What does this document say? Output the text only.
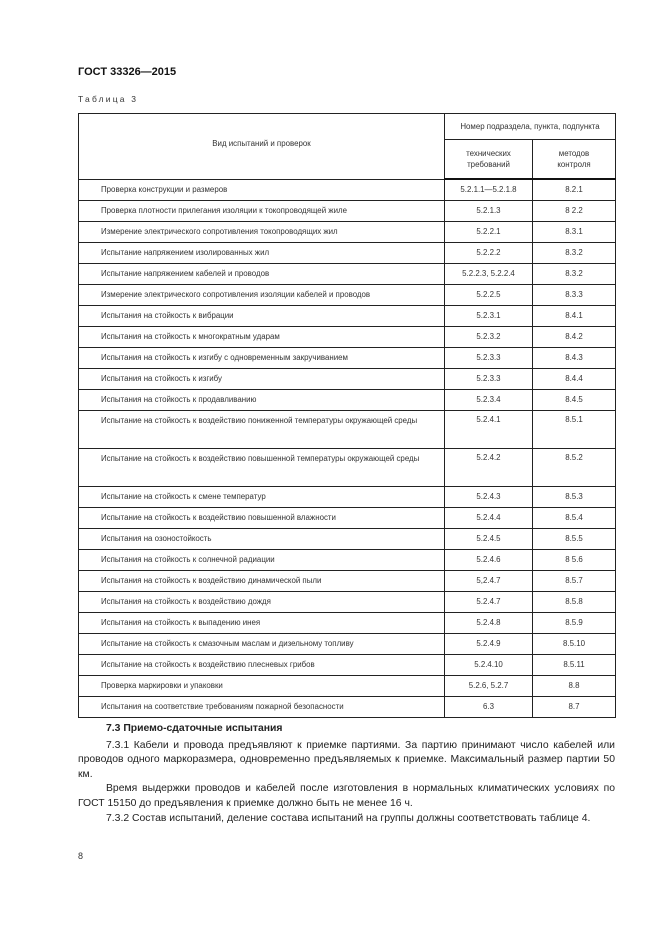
ГОСТ 33326—2015
Таблица 3
Вид испытаний и проверок	Номер подраздела, пункта, подпункта	
	технических требований	методов контроля
Проверка конструкции и размеров	5.2.1.1—5.2.1.8	8.2.1
Проверка плотности прилегания изоляции к токопроводящей жиле	5.2.1.3	8 2.2
Измерение электрического сопротивления токопроводящих жил	5.2.2.1	8.3.1
Испытание напряжением изолированных жил	5.2.2.2	8.3.2
Испытание напряжением кабелей и проводов	5.2.2.3, 5.2.2.4	8.3.2
Измерение электрического сопротивления изоляции кабелей и проводов	5.2.2.5	8.3.3
Испытания на стойкость к вибрации	5.2.3.1	8.4.1
Испытания на стойкость к многократным ударам	5.2.3.2	8.4.2
Испытания на стойкость к изгибу с одновременным закручиванием	5.2.3.3	8.4.3
Испытания на стойкость к изгибу	5.2.3.3	8.4.4
Испытания на стойкость к продавливанию	5.2.3.4	8.4.5
Испытание на стойкость к воздействию пониженной температуры окружающей среды	5.2.4.1	8.5.1
Испытание на стойкость к воздействию повышенной температуры окружающей среды	5.2.4.2	8.5.2
Испытание на стойкость к смене температур	5.2.4.3	8.5.3
Испытание на стойкость к воздействию повышенной влажности	5.2.4.4	8.5.4
Испытания на озоностойкость	5.2.4.5	8.5.5
Испытания на стойкость к солнечной радиации	5.2.4.6	8 5.6
Испытания на стойкость к воздействию динамической пыли	5,2.4.7	8.5.7
Испытания на стойкость к воздействию дождя	5.2.4.7	8.5.8
Испытания на стойкость к выпадению инея	5.2.4.8	8.5.9
Испытание на стойкость к смазочным маслам и дизельному топливу	5.2.4.9	8.5.10
Испытание на стойкость к воздействию плесневых грибов	5.2.4.10	8.5.11
Проверка маркировки и упаковки	5.2.6, 5.2.7	8.8
Испытания на соответствие требованиям пожарной безопасности	6.3	8.7

7.3 Приемо-сдаточные испытания

7.3.1 Кабели и провода предъявляют к приемке партиями. За партию принимают число кабелей или проводов одного маркоразмера, одновременно предъявляемых к приемке. Максимальный размер партии 50 км.

Время выдержки проводов и кабелей после изготовления в нормальных климатических условиях по ГОСТ 15150 до предъявления к приемке должно быть не менее 16 ч.

7.3.2 Состав испытаний, деление состава испытаний на группы должны соответствовать таблице 4.

8
